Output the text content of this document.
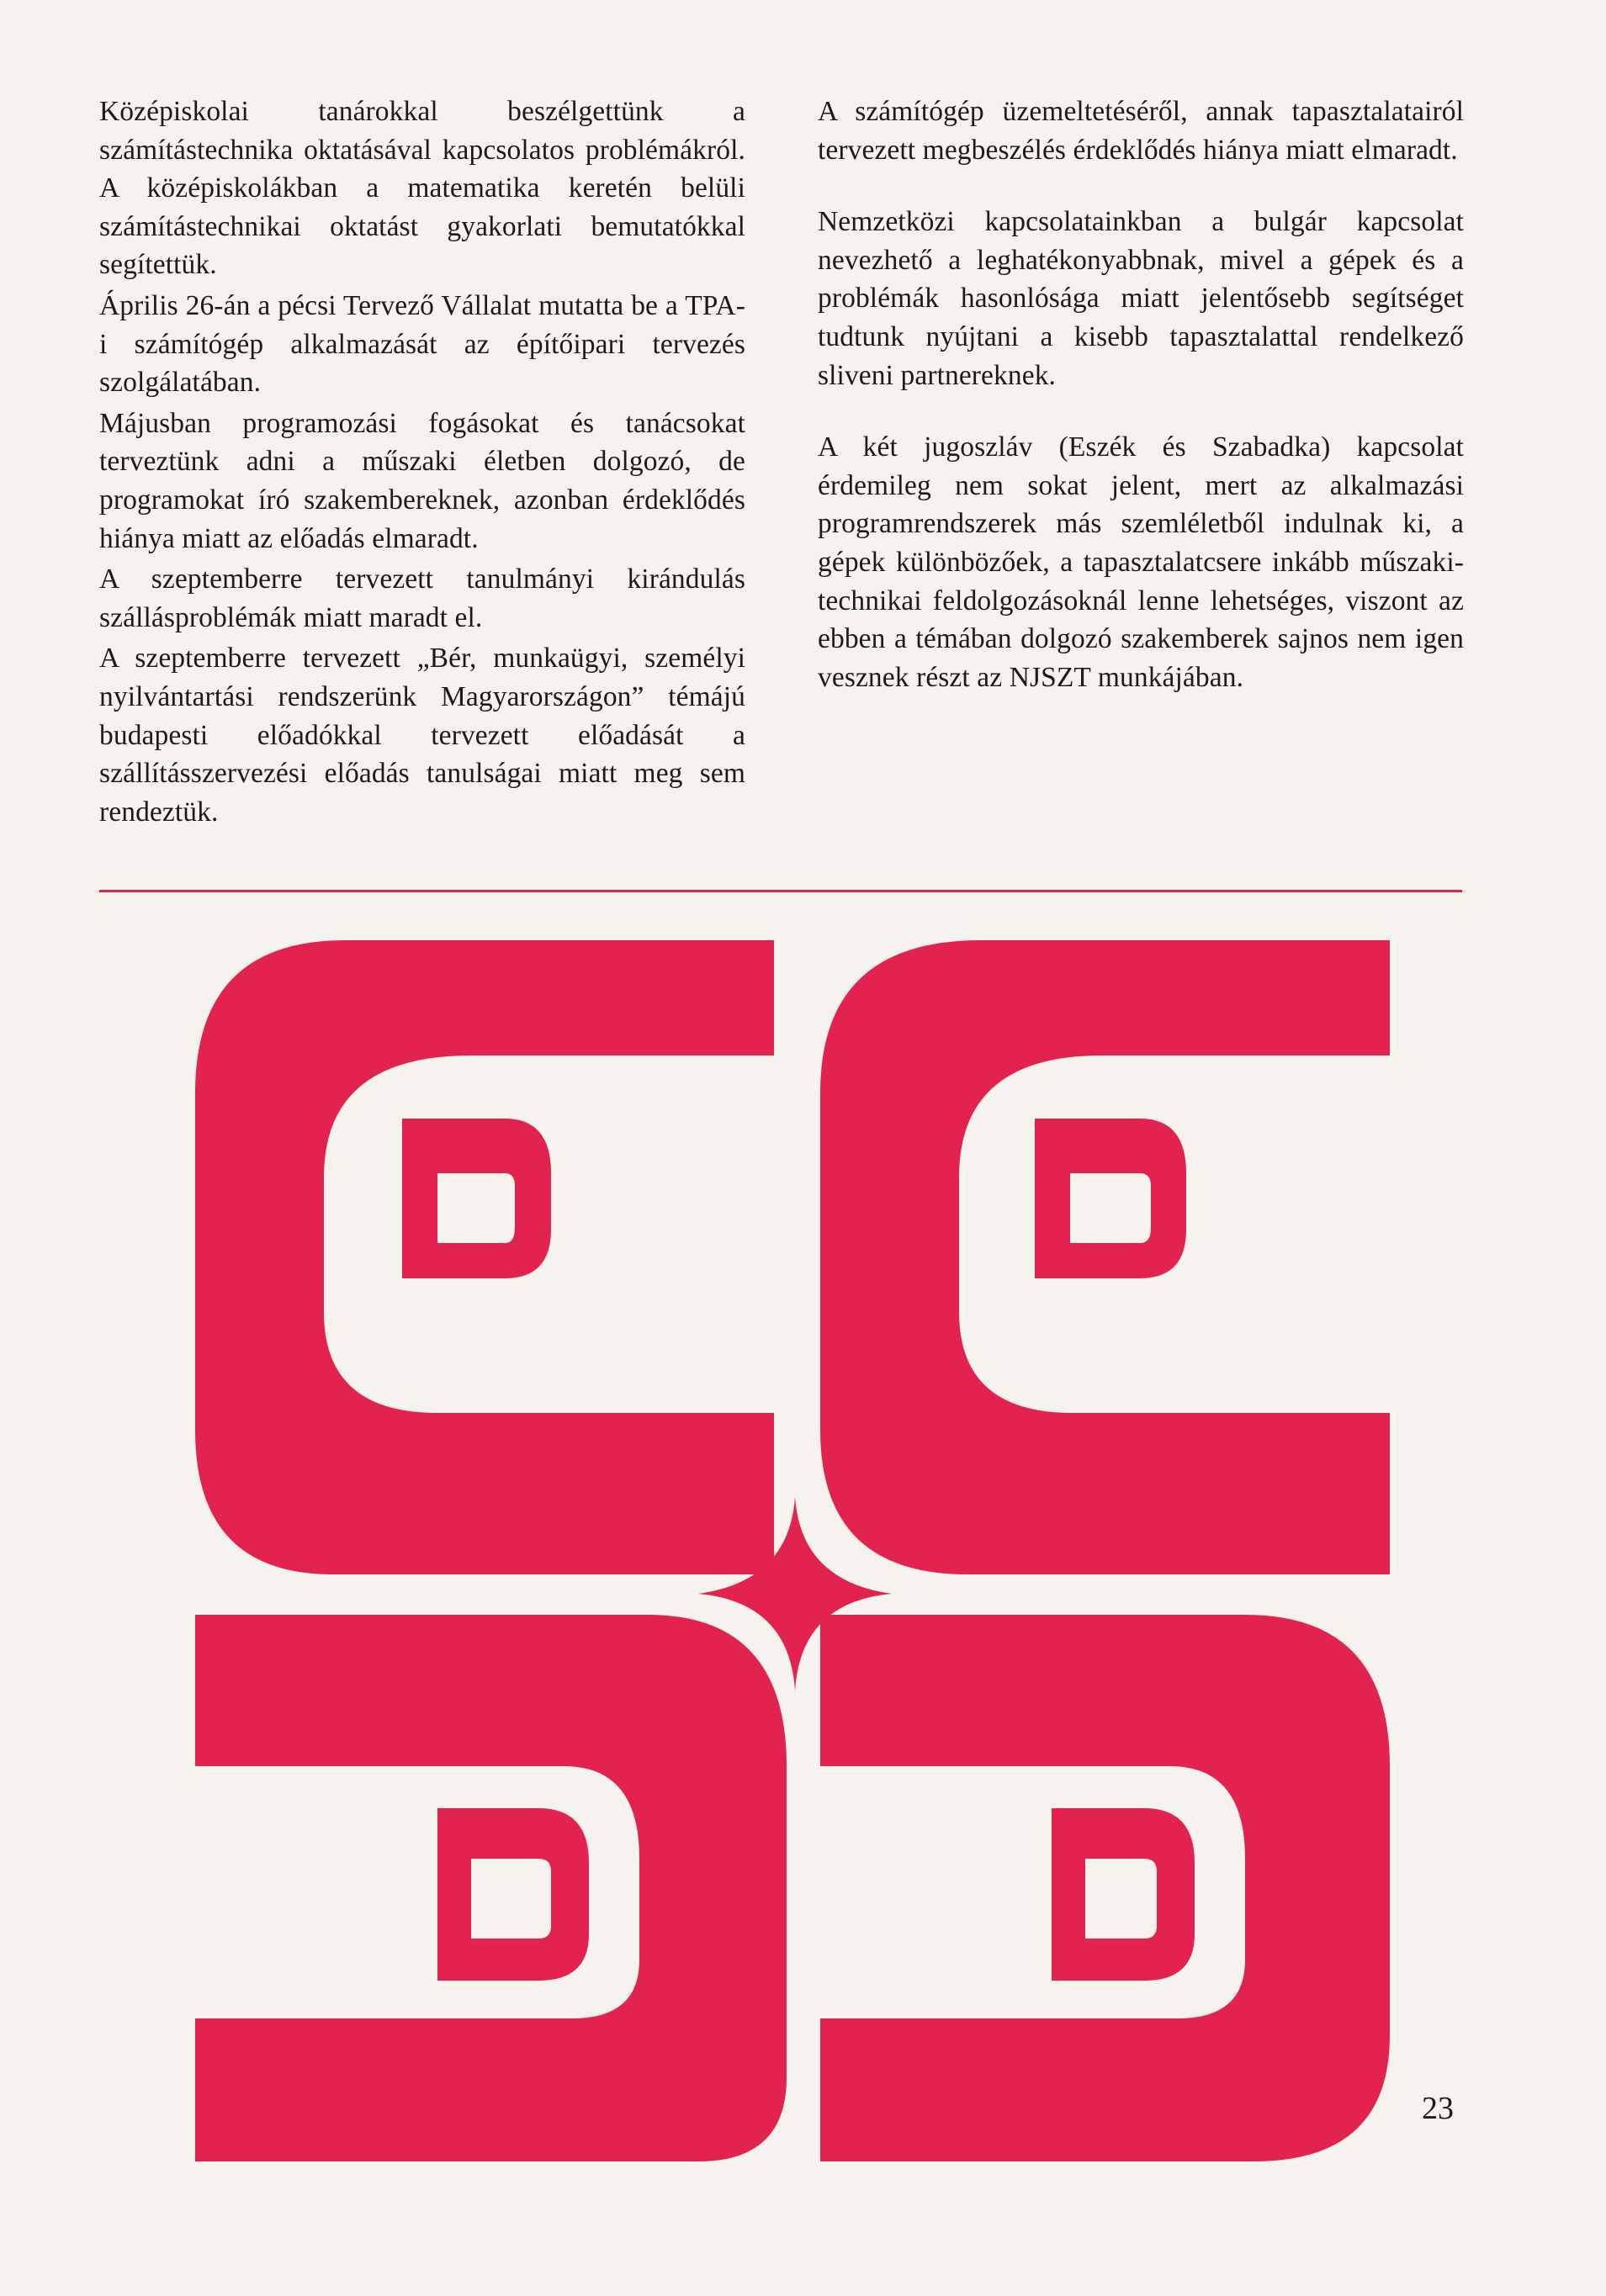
Középiskolai tanárokkal beszélgettünk a számítástechnika oktatásával kapcsolatos problémákról. A középiskolákban a matematika keretén belüli számítástechnikai oktatást gyakorlati bemutatókkal segítettük.

Április 26-án a pécsi Tervező Vállalat mutatta be a TPA-i számítógép alkalmazását az építőipari tervezés szolgálatában.

Májusban programozási fogásokat és tanácsokat terveztünk adni a műszaki életben dolgozó, de programokat író szakembereknek, azonban érdeklődés hiánya miatt az előadás elmaradt.

A szeptemberre tervezett tanulmányi kirándulás szállásproblémák miatt maradt el.

A szeptemberre tervezett „Bér, munkaügyi, személyi nyilvántartási rendszerünk Magyarországon” témájú budapesti előadókkal tervezett előadását a szállításszervezési előadás tanulságai miatt meg sem rendeztük.

A számítógép üzemeltetéséről, annak tapasztalatairól tervezett megbeszélés érdeklődés hiánya miatt elmaradt.

Nemzetközi kapcsolatainkban a bulgár kapcsolat nevezhető a leghatékonyabbnak, mivel a gépek és a problémák hasonlósága miatt jelentősebb segítséget tudtunk nyújtani a kisebb tapasztalattal rendelkező sliveni partnereknek.

A két jugoszláv (Eszék és Szabadka) kapcsolat érdemileg nem sokat jelent, mert az alkalmazási programrendszerek más szemléletből indulnak ki, a gépek különbözőek, a tapasztalatcsere inkább műszaki-technikai feldolgozásoknál lenne lehetséges, viszont az ebben a témában dolgozó szakemberek sajnos nem igen vesznek részt az NJSZT munkájában.

23
